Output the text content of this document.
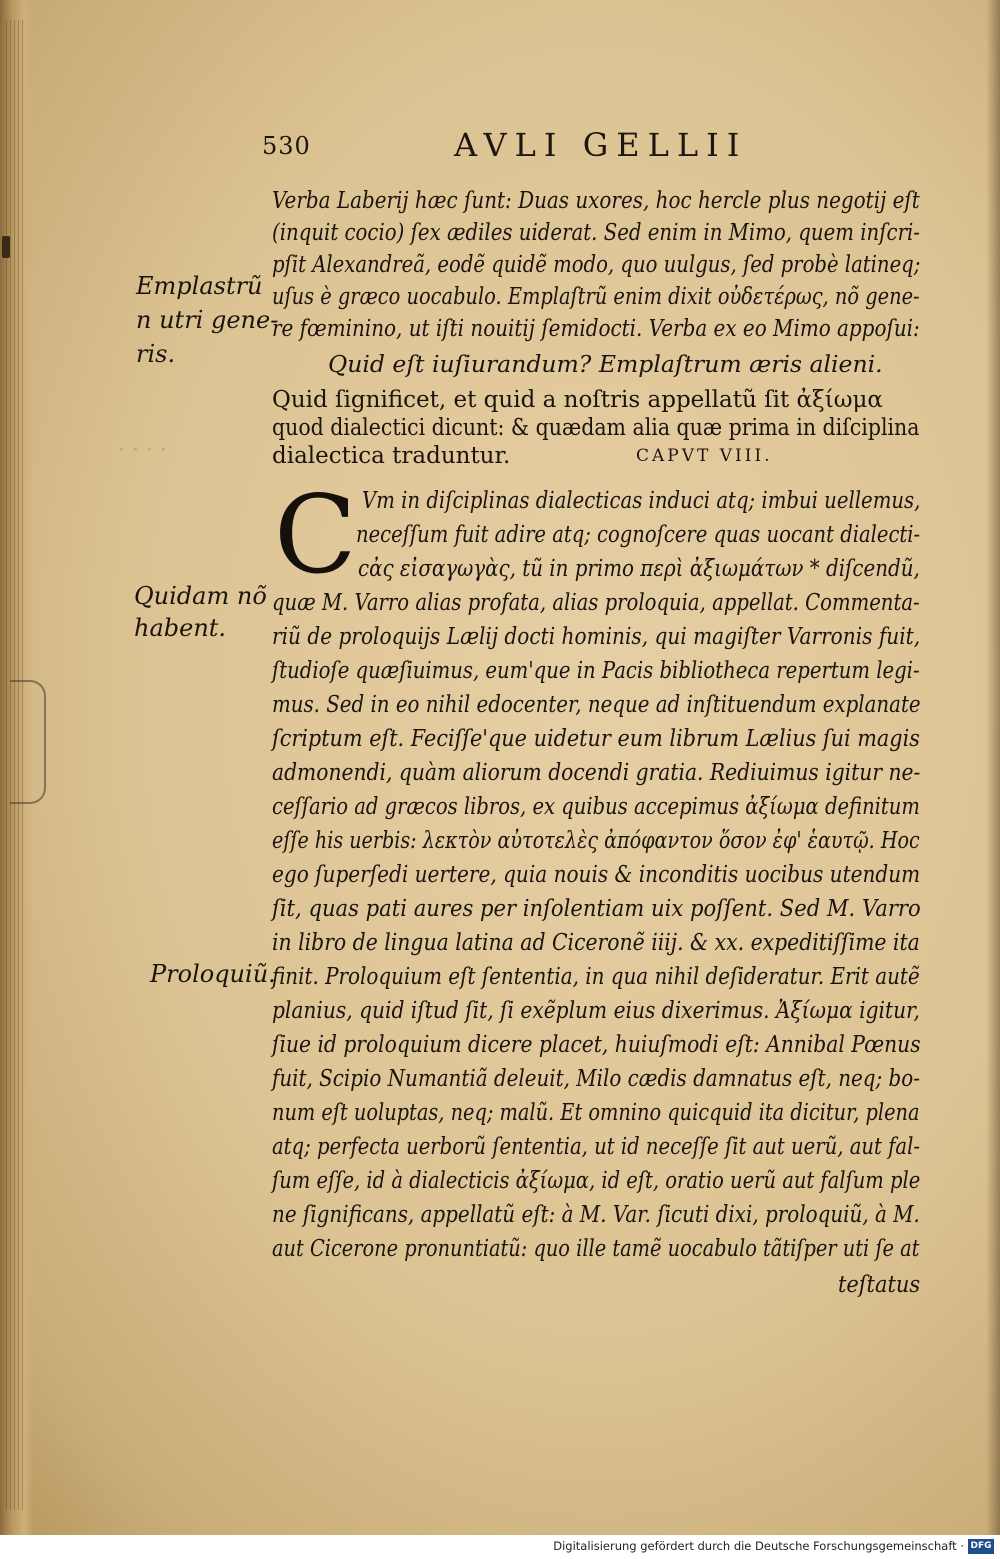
530	AVLI GELLII
· · · ·
Emplastrũ
n utri gene-
ris.
Quidam nõ
habent.
Proloquiũ.
C
Verba Laberij hæc ſunt: Duas uxores, hoc hercle plus negotij eſt
(inquit cocio) ſex ædiles uiderat. Sed enim in Mimo, quem inſcri-
pſit Alexandreã, eodẽ quidẽ modo, quo uulgus, ſed probè latineq;
uſus è græco uocabulo. Emplaſtrũ enim dixit οὐδετέρως, nõ gene-
re fœminino, ut iſti nouitij ſemidocti. Verba ex eo Mimo appoſui:
Quid eſt iuſiurandum? Emplaſtrum æris alieni.
Quid ſignificet, et quid a noſtris appellatũ ſit ἀξίωμα
quod dialectici dicunt: & quædam alia quæ prima in diſciplina
dialectica traduntur.	CAPVT VIII.
Vm in diſciplinas dialecticas induci atq; imbui uellemus,
neceſſum fuit adire atq; cognoſcere quas uocant dialecti-
cἀς εἰσαγωγὰς, tũ in primo περὶ ἀξιωμάτων * diſcendũ,
quæ M. Varro alias profata, alias proloquia, appellat. Commenta-
riũ de proloquijs Lælij docti hominis, qui magiſter Varronis fuit,
ſtudioſe quæſiuimus, eum'que in Pacis bibliotheca repertum legi-
mus. Sed in eo nihil edocenter, neque ad inſtituendum explanate
ſcriptum eſt. Feciſſe'que uidetur eum librum Lælius ſui magis
admonendi, quàm aliorum docendi gratia. Rediuimus igitur ne-
ceſſario ad græcos libros, ex quibus accepimus ἀξίωμα definitum
eſſe his uerbis: λεκτὸν αὐτοτελὲς ἀπόφαντον ὅσον ἐφ' ἑαυτῷ. Hoc
ego ſuperſedi uertere, quia nouis & inconditis uocibus utendum
ſit, quas pati aures per inſolentiam uix poſſent. Sed M. Varro
in libro de lingua latina ad Ciceronẽ iiij. & xx. expeditiſſime ita
finit. Proloquium eſt ſententia, in qua nihil deſideratur. Erit autẽ
planius, quid iſtud ſit, ſi exẽplum eius dixerimus. Ἀξίωμα igitur,
ſiue id proloquium dicere placet, huiuſmodi eſt: Annibal Pœnus
fuit, Scipio Numantiã deleuit, Milo cædis damnatus eſt, neq; bo-
num eſt uoluptas, neq; malũ. Et omnino quicquid ita dicitur, plena
atq; perfecta uerborũ ſententia, ut id neceſſe ſit aut uerũ, aut fal-
ſum eſſe, id à dialecticis ἀξίωμα, id eſt, oratio uerũ aut falſum ple
ne ſignificans, appellatũ eſt: à M. Var. ſicuti dixi, proloquiũ, à M.
aut Cicerone pronuntiatũ: quo ille tamẽ uocabulo tãtiſper uti ſe at
teſtatus
Digitalisierung gefördert durch die Deutsche Forschungsgemeinschaft · DFG
